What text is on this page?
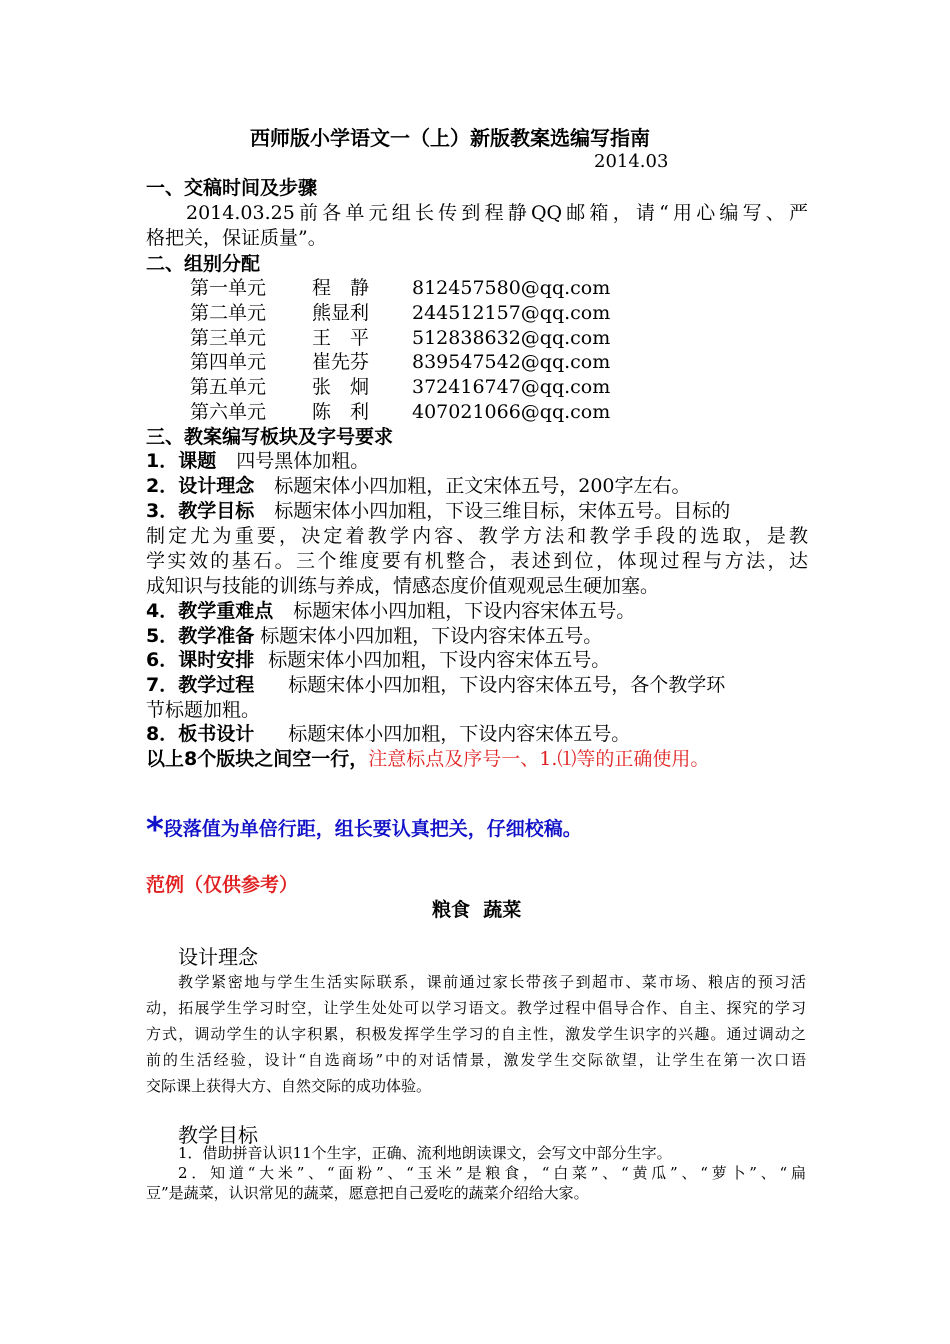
西师版小学语文一（上）新版教案选编写指南
2014.03
一、交稿时间及步骤
2014.03.25前各单元组长传到程静QQ邮箱，请“用心编写、严
格把关，保证质量”。
二、组别分配
第一单元 程　静 812457580@qq.com
第二单元 熊显利 244512157@qq.com
第三单元 王　平 512838632@qq.com
第四单元 崔先芬 839547542@qq.com
第五单元 张　炯 372416747@qq.com
第六单元 陈　利 407021066@qq.com
三、教案编写板块及字号要求
1．课题 四号黑体加粗。
2．设计理念 标题宋体小四加粗，正文宋体五号，200字左右。
3．教学目标 标题宋体小四加粗，下设三维目标，宋体五号。目标的
制定尤为重要，决定着教学内容、教学方法和教学手段的选取，是教
学实效的基石。三个维度要有机整合，表述到位，体现过程与方法，达
成知识与技能的训练与养成，情感态度价值观观忌生硬加塞。
4．教学重难点 标题宋体小四加粗，下设内容宋体五号。
5．教学准备 标题宋体小四加粗，下设内容宋体五号。
6．课时安排 标题宋体小四加粗，下设内容宋体五号。
7．教学过程 标题宋体小四加粗，下设内容宋体五号，各个教学环
节标题加粗。
8．板书设计 标题宋体小四加粗，下设内容宋体五号。
以上8个版块之间空一行，注意标点及序号一、1.⑴等的正确使用。
*段落值为单倍行距，组长要认真把关，仔细校稿。
范例（仅供参考）
粮食  蔬菜
设计理念
教学紧密地与学生生活实际联系，课前通过家长带孩子到超市、菜市场、粮店的预习活
动，拓展学生学习时空，让学生处处可以学习语文。教学过程中倡导合作、自主、探究的学习
方式，调动学生的认字积累，积极发挥学生学习的自主性，激发学生识字的兴趣。通过调动之
前的生活经验，设计“自选商场”中的对话情景，激发学生交际欲望，让学生在第一次口语
交际课上获得大方、自然交际的成功体验。
教学目标
1．借助拼音认识11个生字，正确、流利地朗读课文，会写文中部分生字。
2．知道“大米”、“面粉”、“玉米”是粮食，“白菜”、“黄瓜”、“萝卜”、“扁
豆”是蔬菜，认识常见的蔬菜，愿意把自己爱吃的蔬菜介绍给大家。
